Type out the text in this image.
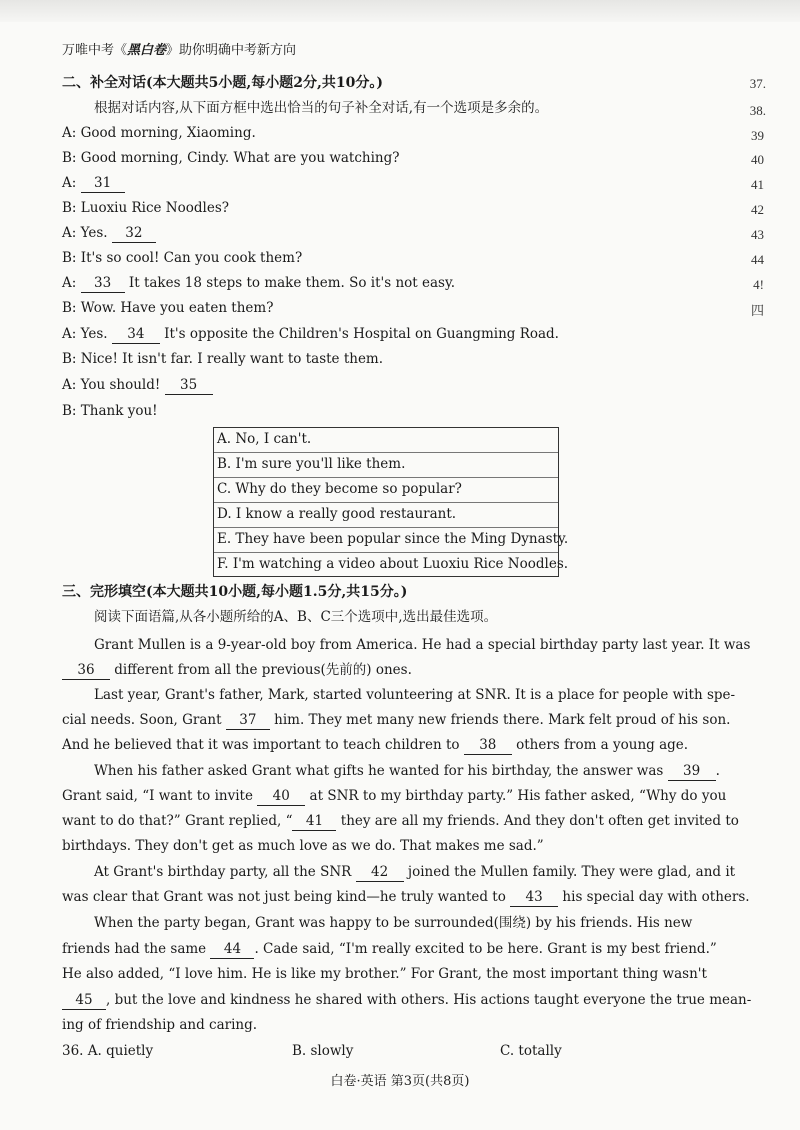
万唯中考《黑白卷》助你明确中考新方向
二、补全对话(本大题共5小题,每小题2分,共10分。)
根据对话内容,从下面方框中选出恰当的句子补全对话,有一个选项是多余的。
A: Good morning, Xiaoming.
B: Good morning, Cindy. What are you watching?
A: 31
B: Luoxiu Rice Noodles?
A: Yes. 32
B: It's so cool! Can you cook them?
A: 33 It takes 18 steps to make them. So it's not easy.
B: Wow. Have you eaten them?
A: Yes. 34 It's opposite the Children's Hospital on Guangming Road.
B: Nice! It isn't far. I really want to taste them.
A: You should! 35
B: Thank you!
A. No, I can't.
B. I'm sure you'll like them.
C. Why do they become so popular?
D. I know a really good restaurant.
E. They have been popular since the Ming Dynasty.
F. I'm watching a video about Luoxiu Rice Noodles.
37.
38.
39
40
41
42
43
44
4!
四
三、完形填空(本大题共10小题,每小题1.5分,共15分。)
阅读下面语篇,从各小题所给的A、B、C三个选项中,选出最佳选项。
Grant Mullen is a 9-year-old boy from America. He had a special birthday party last year. It was
36 different from all the previous(先前的) ones.
Last year, Grant's father, Mark, started volunteering at SNR. It is a place for people with spe-
cial needs. Soon, Grant 37 him. They met many new friends there. Mark felt proud of his son.
And he believed that it was important to teach children to 38 others from a young age.
When his father asked Grant what gifts he wanted for his birthday, the answer was 39 .
Grant said, “I want to invite 40 at SNR to my birthday party.” His father asked, “Why do you
want to do that?” Grant replied, “ 41 they are all my friends. And they don't often get invited to
birthdays. They don't get as much love as we do. That makes me sad.”
At Grant's birthday party, all the SNR 42 joined the Mullen family. They were glad, and it
was clear that Grant was not just being kind—he truly wanted to 43 his special day with others.
When the party began, Grant was happy to be surrounded(围绕) by his friends. His new
friends had the same 44 . Cade said, “I'm really excited to be here. Grant is my best friend.”
He also added, “I love him. He is like my brother.” For Grant, the most important thing wasn't
45 , but the love and kindness he shared with others. His actions taught everyone the true mean-
ing of friendship and caring.
36. A. quietly	B. slowly	C. totally
白卷·英语 第3页(共8页)
